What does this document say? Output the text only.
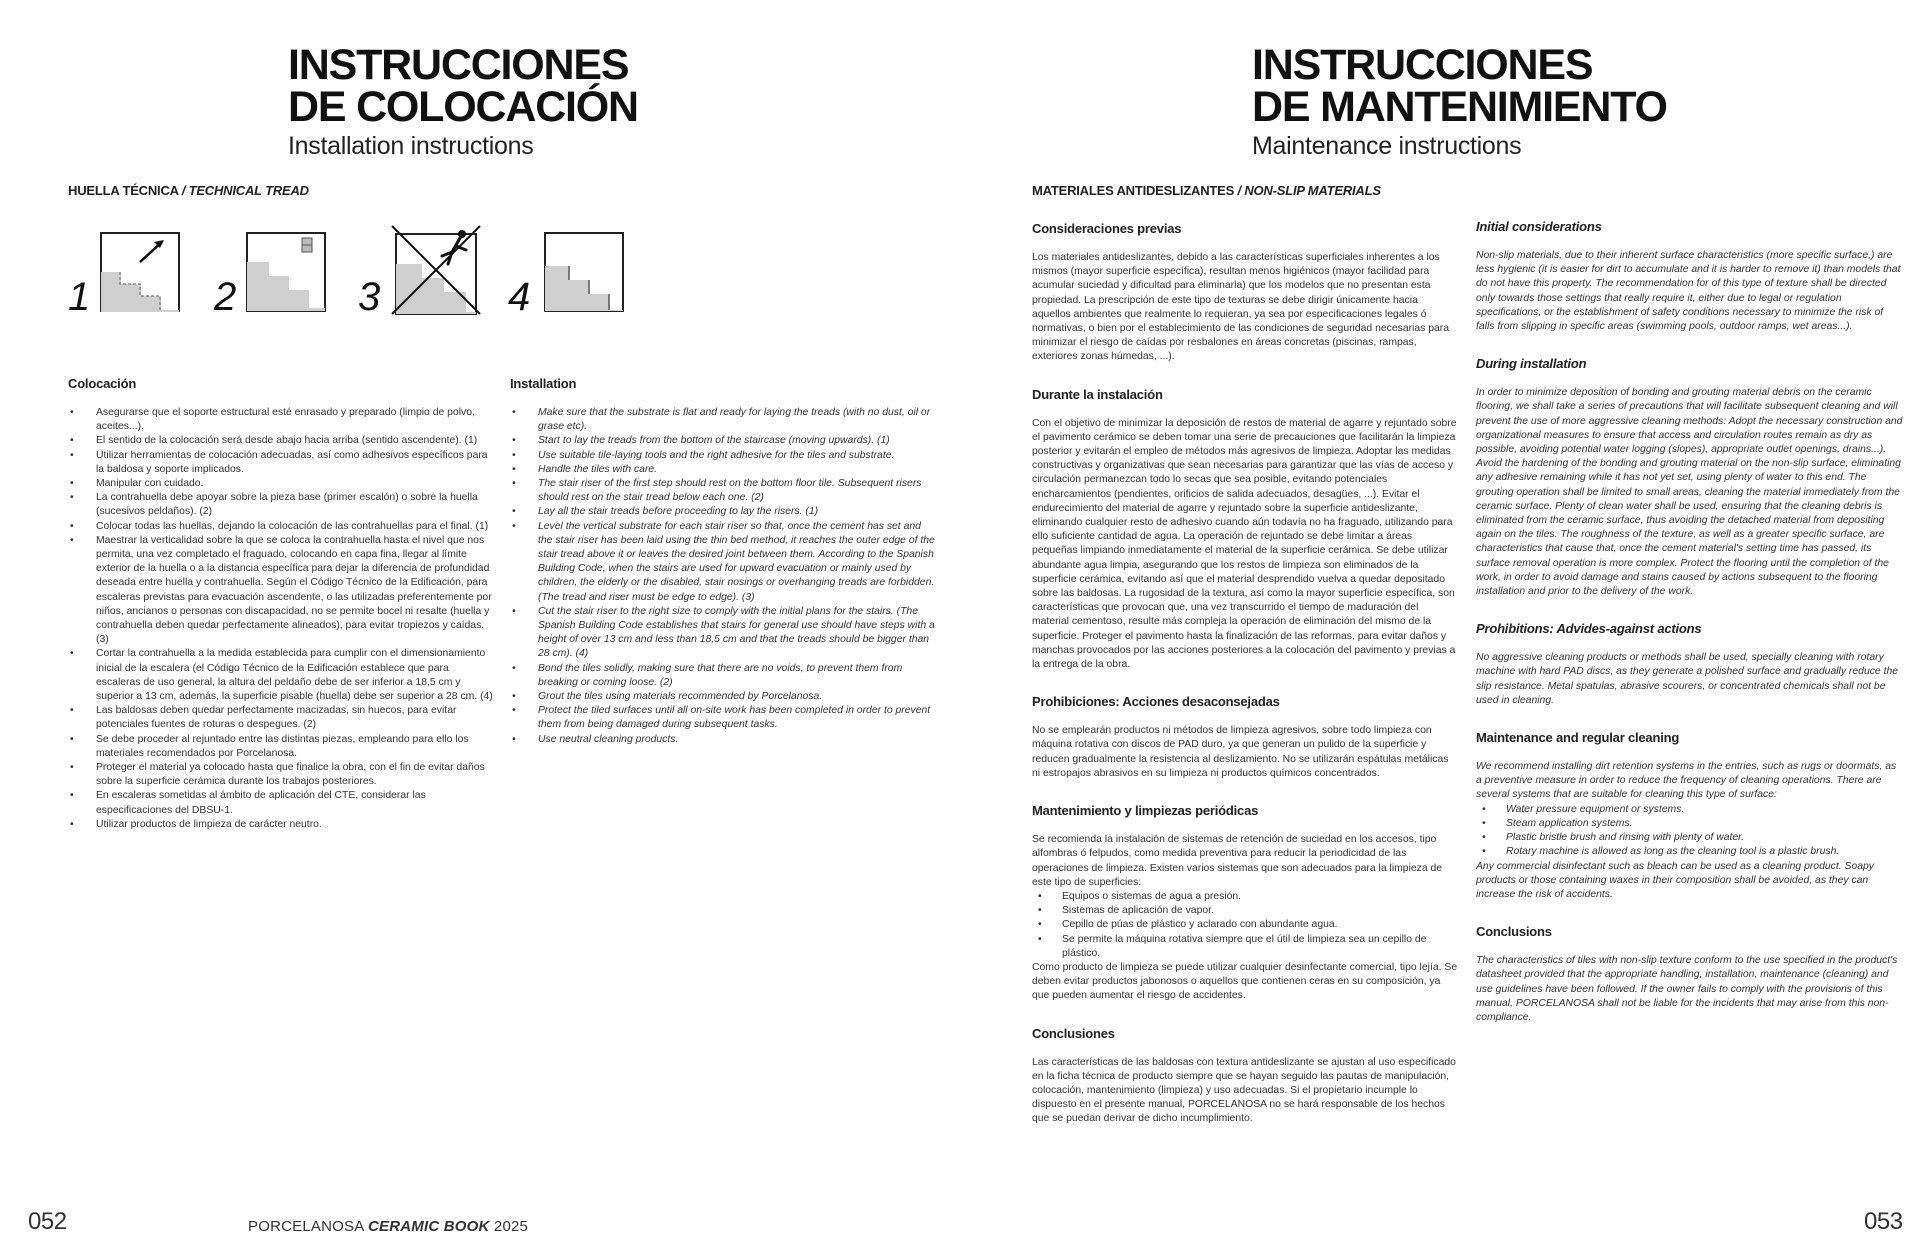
INSTRUCCIONES
DE COLOCACIÓN
Installation instructions
HUELLA TÉCNICA / TECHNICAL TREAD
1	2	3	4
Colocación
• Asegurarse que el soporte estructural esté enrasado y preparado (limpio de polvo, aceites...).
• El sentido de la colocación será desde abajo hacia arriba (sentido ascendente). (1)
• Utilizar herramientas de colocación adecuadas, así como adhesivos específicos para la baldosa y soporte implicados.
• Manipular con cuidado.
• La contrahuella debe apoyar sobre la pieza base (primer escalón) o sobre la huella (sucesivos peldaños). (2)
• Colocar todas las huellas, dejando la colocación de las contrahuellas para el final. (1)
• Maestrar la verticalidad sobre la que se coloca la contrahuella hasta el nivel que nos permita, una vez completado el fraguado, colocando en capa fina, llegar al límite exterior de la huella o a la distancia específica para dejar la diferencia de profundidad deseada entre huella y contrahuella. Según el Código Técnico de la Edificación, para escaleras previstas para evacuación ascendente, o las utilizadas preferentemente por niños, ancianos o personas con discapacidad, no se permite bocel ni resalte (huella y contrahuella deben quedar perfectamente alineados), para evitar tropiezos y caídas. (3)
• Cortar la contrahuella a la medida establecida para cumplir con el dimensionamiento inicial de la escalera (el Código Técnico de la Edificación establece que para escaleras de uso general, la altura del peldaño debe de ser inferior a 18,5 cm y superior a 13 cm, además, la superficie pisable (huella) debe ser superior a 28 cm. (4)
• Las baldosas deben quedar perfectamente macizadas, sin huecos, para evitar potenciales fuentes de roturas o despegues. (2)
• Se debe proceder al rejuntado entre las distintas piezas, empleando para ello los materiales recomendados por Porcelanosa.
• Proteger el material ya colocado hasta que finalice la obra, con el fin de evitar daños sobre la superficie cerámica durante los trabajos posteriores.
• En escaleras sometidas al ámbito de aplicación del CTE, considerar las especificaciones del DBSU-1.
• Utilizar productos de limpieza de carácter neutro.
Installation
• Make sure that the substrate is flat and ready for laying the treads (with no dust, oil or grase etc).
• Start to lay the treads from the bottom of the staircase (moving upwards). (1)
• Use suitable tile-laying tools and the right adhesive for the tiles and substrate.
• Handle the tiles with care.
• The stair riser of the first step should rest on the bottom floor tile. Subsequent risers should rest on the stair tread below each one. (2)
• Lay all the stair treads before proceeding to lay the risers. (1)
• Level the vertical substrate for each stair riser so that, once the cement has set and the stair riser has been laid using the thin bed method, it reaches the outer edge of the stair tread above it or leaves the desired joint between them. According to the Spanish Building Code, when the stairs are used for upward evacuation or mainly used by children, the elderly or the disabled, stair nosings or overhanging treads are forbidden. (The tread and riser must be edge to edge). (3)
• Cut the stair riser to the right size to comply with the initial plans for the stairs. (The Spanish Building Code establishes that stairs for general use should have steps with a height of over 13 cm and less than 18,5 cm and that the treads should be bigger than 28 cm). (4)
• Bond the tiles solidly, making sure that there are no voids, to prevent them from breaking or coming loose. (2)
• Grout the tiles using materials recommended by Porcelanosa.
• Protect the tiled surfaces until all on-site work has been completed in order to prevent them from being damaged during subsequent tasks.
• Use neutral cleaning products.
052	PORCELANOSA CERAMIC BOOK 2025
INSTRUCCIONES
DE MANTENIMIENTO
Maintenance instructions
MATERIALES ANTIDESLIZANTES / NON-SLIP MATERIALS
Consideraciones previas

Los materiales antideslizantes, debido a las características superficiales inherentes a los mismos (mayor superficie específica), resultan menos higiénicos (mayor facilidad para acumular suciedad y dificultad para eliminarla) que los modelos que no presentan esta propiedad. La prescripción de este tipo de texturas se debe dirigir únicamente hacia aquellos ambientes que realmente lo requieran, ya sea por especificaciones legales ó normativas, o bien por el establecimiento de las condiciones de seguridad necesarias para minimizar el riesgo de caídas por resbalones en áreas concretas (piscinas, rampas, exteriores zonas húmedas, ...).

Durante la instalación

Con el objetivo de minimizar la deposición de restos de material de agarre y rejuntado sobre el pavimento cerámico se deben tomar una serie de precauciones que facilitarán la limpieza posterior y evitarán el empleo de métodos más agresivos de limpieza. Adoptar las medidas constructivas y organizativas que sean necesarias para garantizar que las vías de acceso y circulación permanezcan todo lo secas que sea posible, evitando potenciales encharcamientos (pendientes, orificios de salida adecuados, desagües, ...). Evitar el endurecimiento del material de agarre y rejuntado sobre la superficie antideslizante, eliminando cualquier resto de adhesivo cuando aún todavía no ha fraguado, utilizando para ello suficiente cantidad de agua. La operación de rejuntado se debe limitar a áreas pequeñas limpiando inmediatamente el material de la superficie cerámica. Se debe utilizar abundante agua limpia, asegurando que los restos de limpieza son eliminados de la superficie cerámica, evitando así que el material desprendido vuelva a quedar depositado sobre las baldosas. La rugosidad de la textura, así como la mayor superficie específica, son características que provocan que, una vez transcurrido el tiempo de maduración del material cementoso, resulte más compleja la operación de eliminación del mismo de la superficie. Proteger el pavimento hasta la finalización de las reformas, para evitar daños y manchas provocados por las acciones posteriores a la colocación del pavimento y previas a la entrega de la obra.

Prohibiciones: Acciones desaconsejadas

No se emplearán productos ni métodos de limpieza agresivos, sobre todo limpieza con máquina rotativa con discos de PAD duro, ya que generan un pulido de la superficie y reducen gradualmente la resistencia al deslizamiento. No se utilizarán espátulas metálicas ni estropajos abrasivos en su limpieza ni productos químicos concentrados.

Mantenimiento y limpiezas periódicas

Se recomienda la instalación de sistemas de retención de suciedad en los accesos, tipo alfombras ó felpudos, como medida preventiva para reducir la periodicidad de las operaciones de limpieza. Existen varios sistemas que son adecuados para la limpieza de este tipo de superficies:

• Equipos o sistemas de agua a presión.
• Sistemas de aplicación de vapor.
• Cepillo de púas de plástico y aclarado con abundante agua.
• Se permite la máquina rotativa siempre que el útil de limpieza sea un cepillo de plástico.

Como producto de limpieza se puede utilizar cualquier desinfectante comercial, tipo lejía. Se deben evitar productos jabonosos o aquellos que contienen ceras en su composición, ya que pueden aumentar el riesgo de accidentes.

Conclusiones

Las características de las baldosas con textura antideslizante se ajustan al uso especificado en la ficha técnica de producto siempre que se hayan seguido las pautas de manipulación, colocación, mantenimiento (limpieza) y uso adecuadas. Si el propietario incumple lo dispuesto en el presente manual, PORCELANOSA no se hará responsable de los hechos que se puedan derivar de dicho incumplimiento.

Initial considerations

Non-slip materials, due to their inherent surface characteristics (more specific surface,) are less hygienic (it is easier for dirt to accumulate and it is harder to remove it) than models that do not have this property. The recommendation for of this type of texture shall be directed only towards those settings that really require it, either due to legal or regulation specifications, or the establishment of safety conditions necessary to minimize the risk of falls from slipping in specific areas (swimming pools, outdoor ramps, wet areas...).

During installation

In order to minimize deposition of bonding and grouting material debris on the ceramic flooring, we shall take a series of precautions that will facilitate subsequent cleaning and will prevent the use of more aggressive cleaning methods: Adopt the necessary construction and organizational measures to ensure that access and circulation routes remain as dry as possible, avoiding potential water logging (slopes), appropriate outlet openings, drains...). Avoid the hardening of the bonding and grouting material on the non-slip surface, eliminating any adhesive remaining while it has not yet set, using plenty of water to this end. The grouting operation shall be limited to small areas, cleaning the material immediately from the ceramic surface. Plenty of clean water shall be used, ensuring that the cleaning debris is eliminated from the ceramic surface, thus avoiding the detached material from depositing again on the tiles. The roughness of the texture, as well as a greater specific surface, are characteristics that cause that, once the cement material's setting time has passed, its surface removal operation is more complex. Protect the flooring until the completion of the work, in order to avoid damage and stains caused by actions subsequent to the flooring installation and prior to the delivery of the work.

Prohibitions: Advides-against actions

No aggressive cleaning products or methods shall be used, specially cleaning with rotary machine with hard PAD discs, as they generate a polished surface and gradually reduce the slip resistance. Metal spatulas, abrasive scourers, or concentrated chemicals shall not be used in cleaning.

Maintenance and regular cleaning

We recommend installing dirt retention systems in the entries, such as rugs or doormats, as a preventive measure in order to reduce the frequency of cleaning operations. There are several systems that are suitable for cleaning this type of surface:

• Water pressure equipment or systems.
• Steam application systems.
• Plastic bristle brush and rinsing with plenty of water.
• Rotary machine is allowed as long as the cleaning tool is a plastic brush.

Any commercial disinfectant such as bleach can be used as a cleaning product. Soapy products or those containing waxes in their composition shall be avoided, as they can increase the risk of accidents.

Conclusions

The characteristics of tiles with non-slip texture conform to the use specified in the product's datasheet provided that the appropriate handling, installation, maintenance (cleaning) and use guidelines have been followed. If the owner fails to comply with the provisions of this manual, PORCELANOSA shall not be liable for the incidents that may arise from this non-compliance.

053
